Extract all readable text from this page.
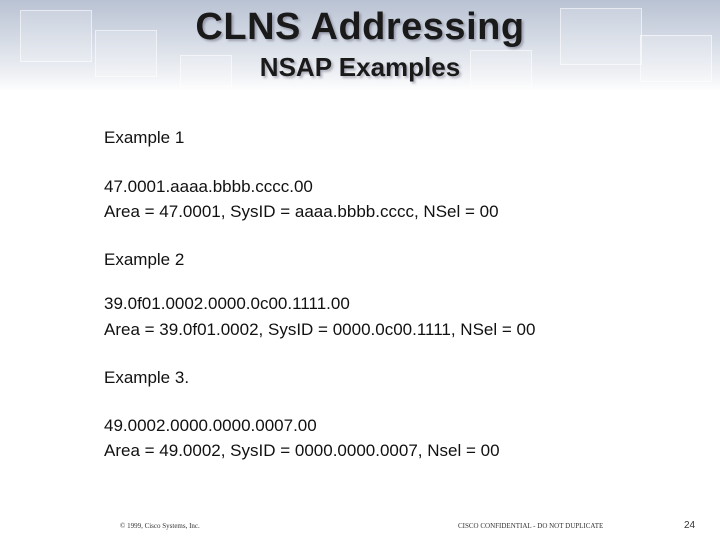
CLNS Addressing
NSAP Examples
Example 1
47.0001.aaaa.bbbb.cccc.00
Area = 47.0001, SysID = aaaa.bbbb.cccc, NSel = 00
Example 2
39.0f01.0002.0000.0c00.1111.00
Area = 39.0f01.0002, SysID = 0000.0c00.1111, NSel = 00
Example 3.
49.0002.0000.0000.0007.00
Area = 49.0002, SysID = 0000.0000.0007, Nsel = 00
© 1999, Cisco Systems, Inc.	CISCO CONFIDENTIAL - DO NOT DUPLICATE	24
